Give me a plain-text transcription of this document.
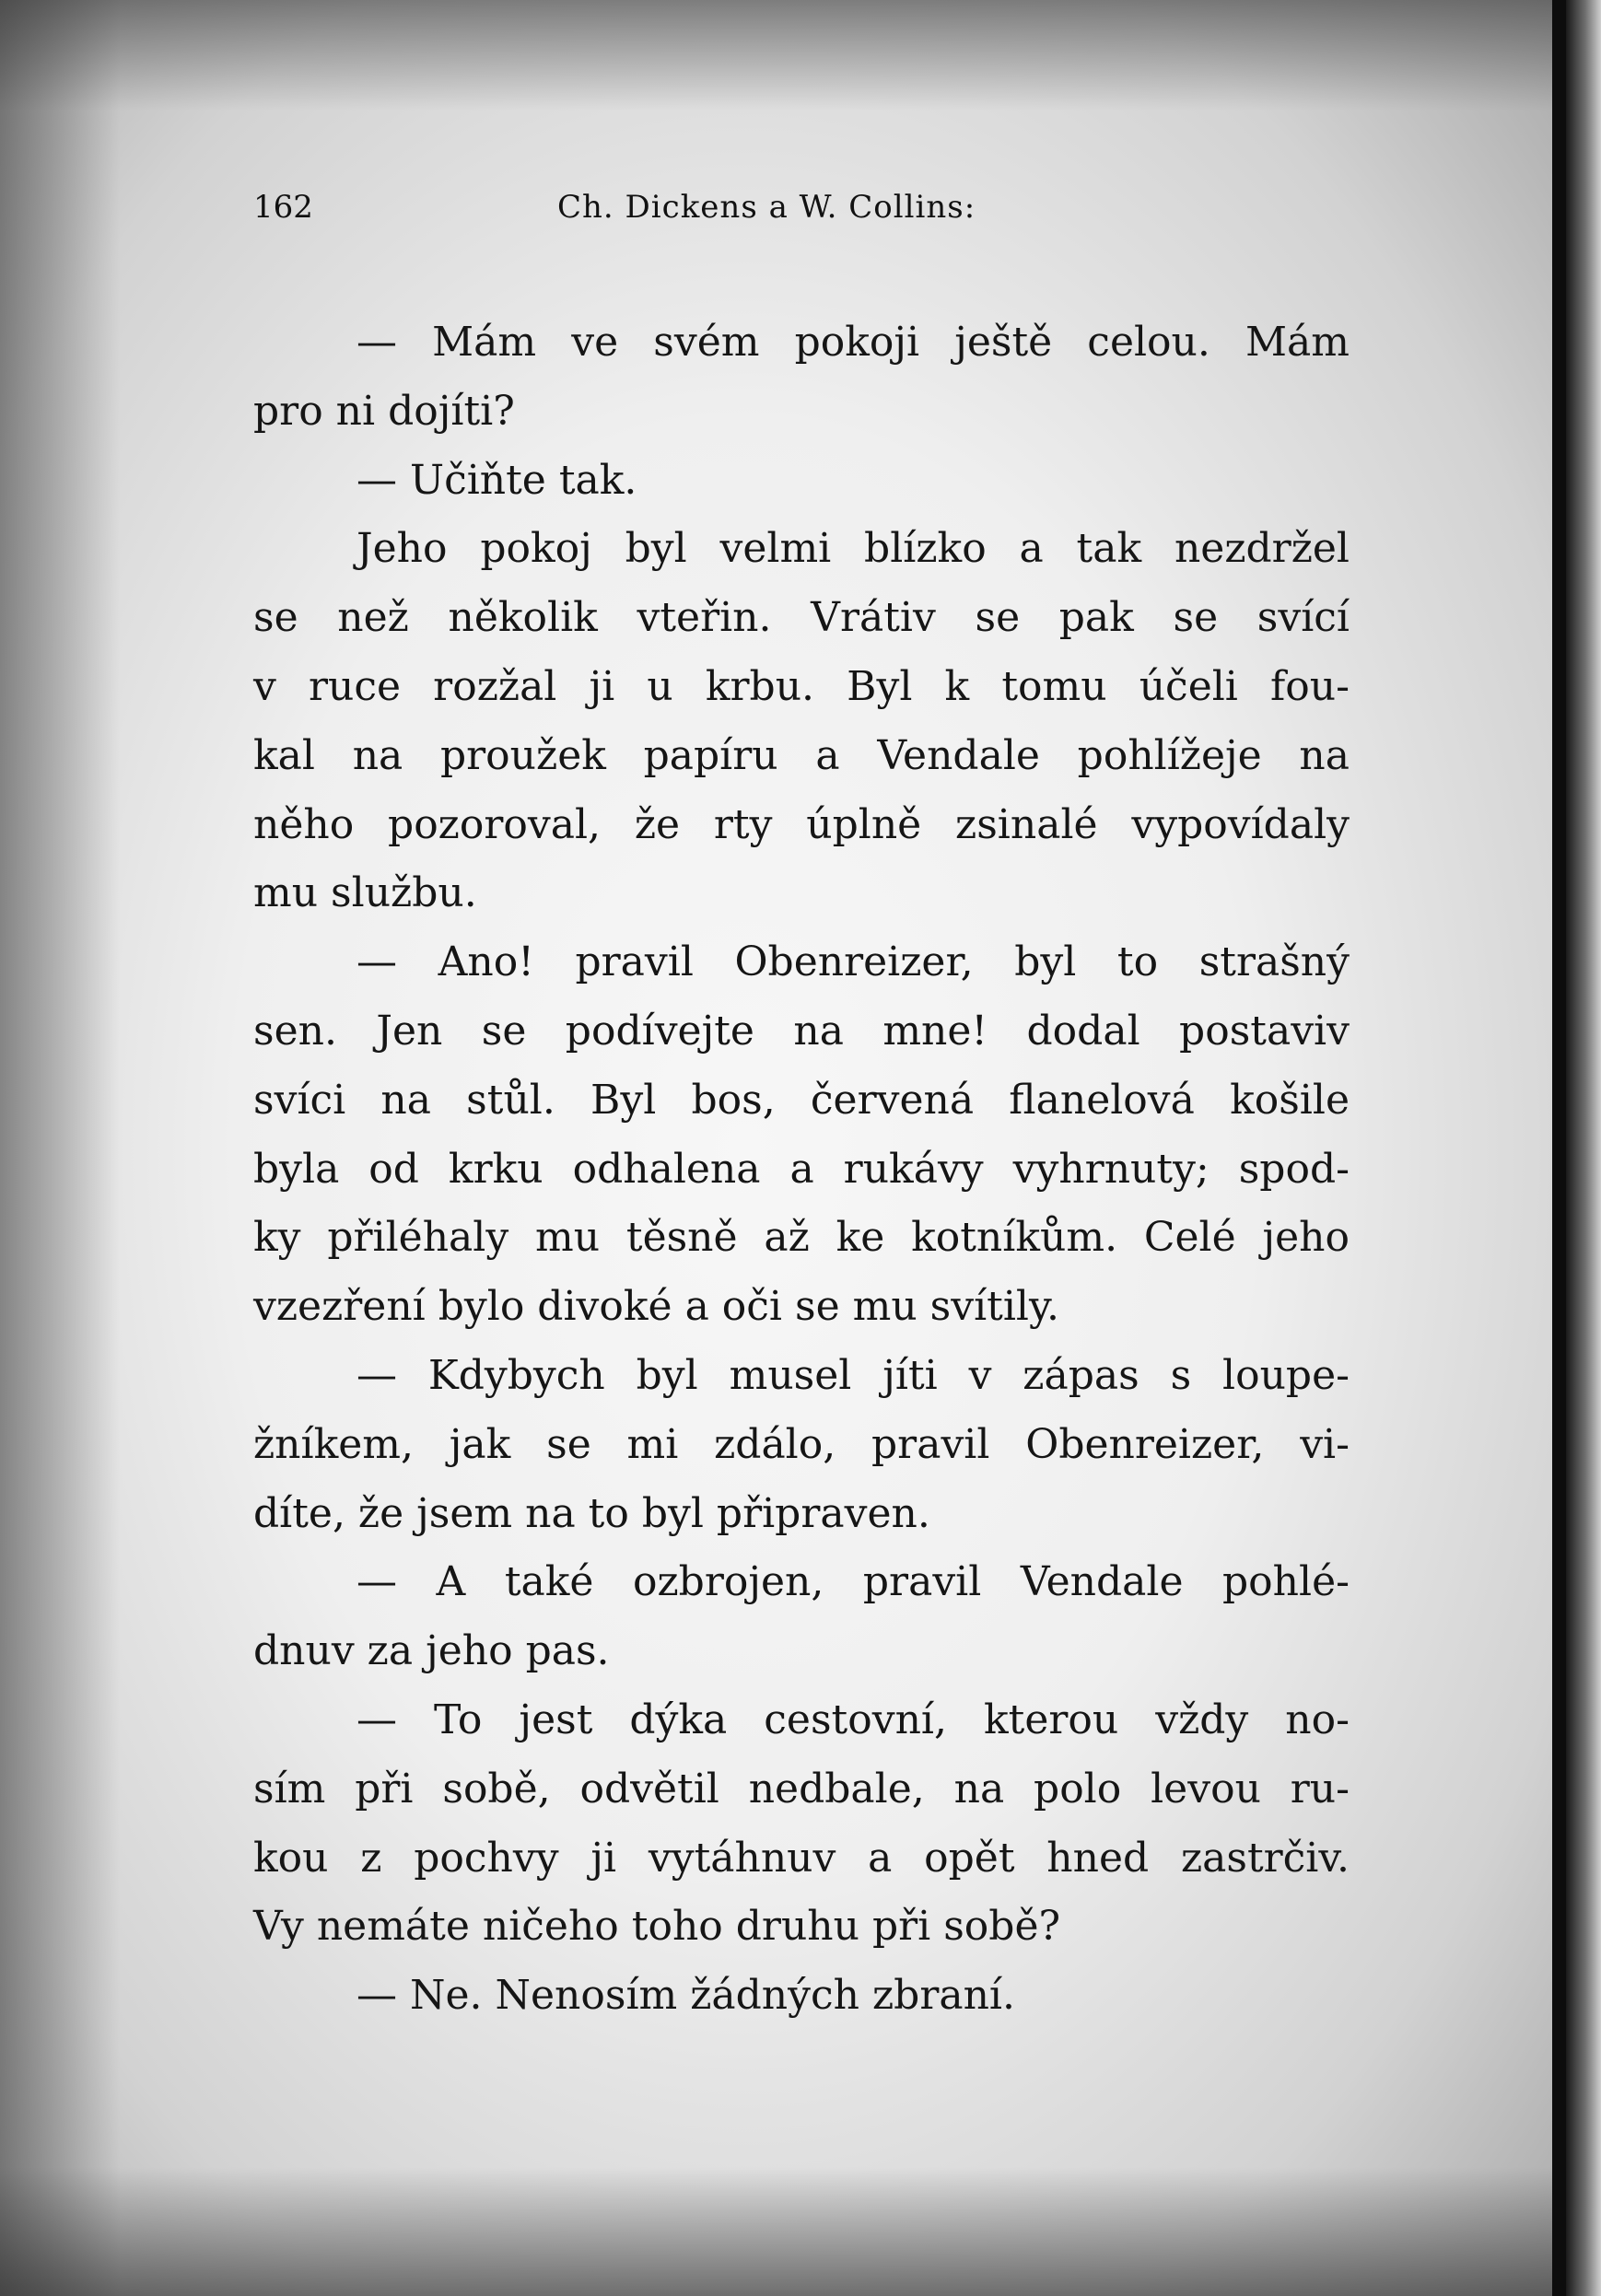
162	Ch. Dickens a W. Collins:
— Mám ve svém pokoji ještě celou. Mám
pro ni dojíti?
— Učiňte tak.
Jeho pokoj byl velmi blízko a tak nezdržel
se než několik vteřin. Vrátiv se pak se svící
v ruce rozžal ji u krbu. Byl k tomu účeli fou-
kal na proužek papíru a Vendale pohlížeje na
něho pozoroval, že rty úplně zsinalé vypovídaly
mu službu.
— Ano! pravil Obenreizer, byl to strašný
sen. Jen se podívejte na mne! dodal postaviv
svíci na stůl. Byl bos, červená flanelová košile
byla od krku odhalena a rukávy vyhrnuty; spod-
ky přiléhaly mu těsně až ke kotníkům. Celé jeho
vzezření bylo divoké a oči se mu svítily.
— Kdybych byl musel jíti v zápas s loupe-
žníkem, jak se mi zdálo, pravil Obenreizer, vi-
díte, že jsem na to byl připraven.
— A také ozbrojen, pravil Vendale pohlé-
dnuv za jeho pas.
— To jest dýka cestovní, kterou vždy no-
sím při sobě, odvětil nedbale, na polo levou ru-
kou z pochvy ji vytáhnuv a opět hned zastrčiv.
Vy nemáte ničeho toho druhu při sobě?
— Ne. Nenosím žádných zbraní.
